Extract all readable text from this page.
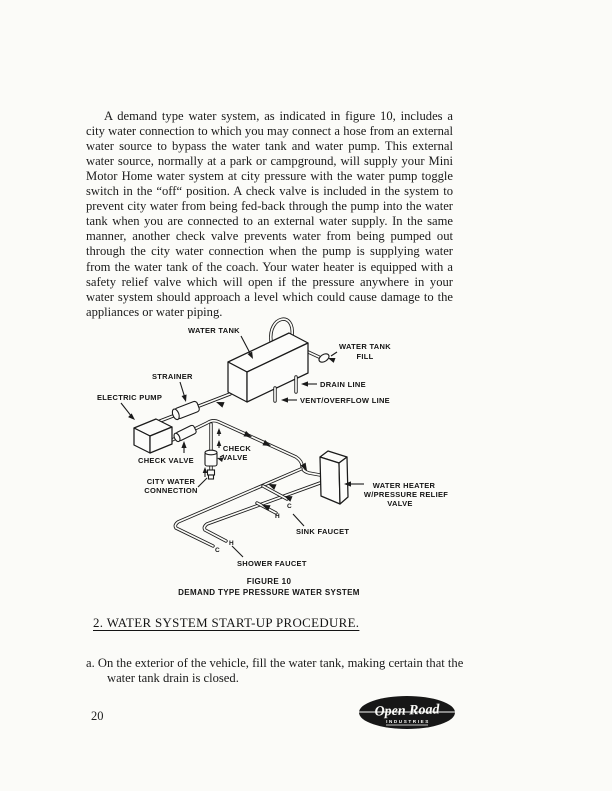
A demand type water system, as indicated in figure 10, includes a city water connection to which you may connect a hose from an external water source to bypass the water tank and water pump. This external water source, normally at a park or campground, will supply your Mini Motor Home water system at city pressure with the water pump toggle switch in the “off“ position. A check valve is included in the system to prevent city water from being fed-back through the pump into the water tank when you are connected to an external water supply. In the same manner, another check valve prevents water from being pumped out through the city water connection when the pump is supplying water from the water tank of the coach. Your water heater is equipped with a safety relief valve which will open if the pressure anywhere in your water system should approach a level which could cause damage to the appliances or water piping.

WATER TANK
WATER TANK
FILL
STRAINER
ELECTRIC PUMP
DRAIN LINE
VENT/OVERFLOW LINE
CHECK VALVE
CHECK
VALVE
CITY WATER
CONNECTION
WATER HEATER
W/PRESSURE RELIEF
VALVE
SINK FAUCET
SHOWER FAUCET
C
H
H
C
FIGURE 10
DEMAND TYPE PRESSURE WATER SYSTEM
2. WATER SYSTEM START-UP PROCEDURE.

a. On the exterior of the vehicle, fill the water tank, making certain that the water tank drain is closed.

20	Open Road
INDUSTRIES
